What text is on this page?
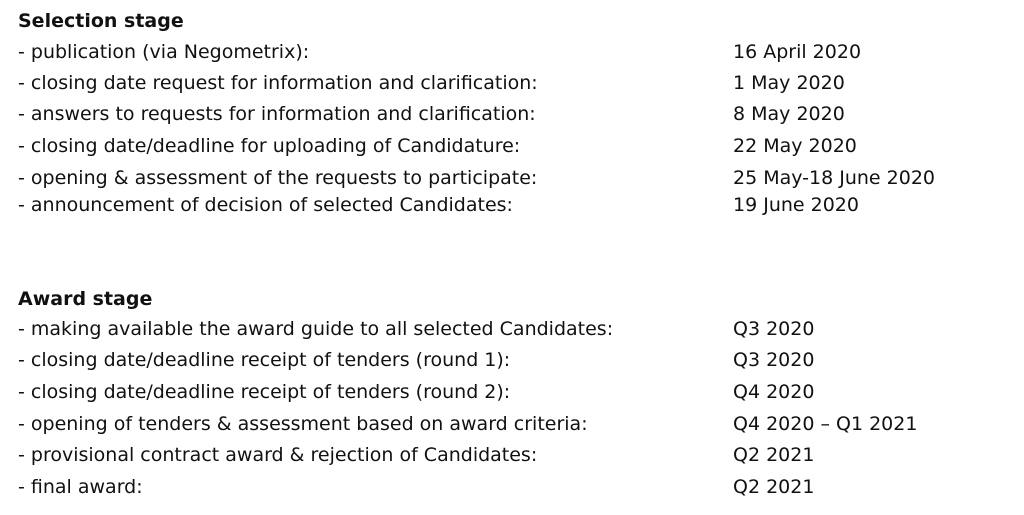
Selection stage
- publication (via Negometrix):	16 April 2020
- closing date request for information and clarification:	1 May 2020
- answers to requests for information and clarification:	8 May 2020
- closing date/deadline for uploading of Candidature:	22 May 2020
- opening & assessment of the requests to participate:	25 May-18 June 2020
- announcement of decision of selected Candidates:	19 June 2020
Award stage
- making available the award guide to all selected Candidates:	Q3 2020
- closing date/deadline receipt of tenders (round 1):	Q3 2020
- closing date/deadline receipt of tenders (round 2):	Q4 2020
- opening of tenders & assessment based on award criteria:	Q4 2020 – Q1 2021
- provisional contract award & rejection of Candidates:	Q2 2021
- final award:	Q2 2021
